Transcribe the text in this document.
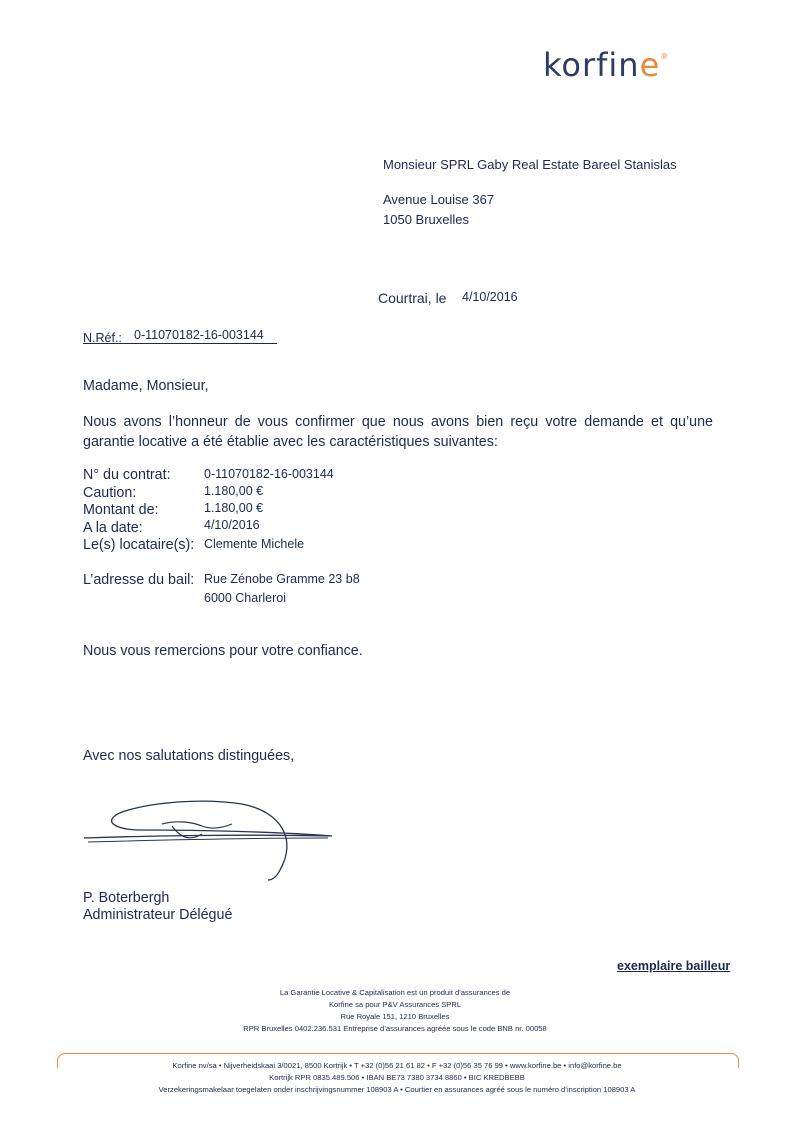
korfine®
Monsieur SPRL Gaby Real Estate Bareel Stanislas
Avenue Louise 367
1050 Bruxelles
Courtrai, le 4/10/2016
N.Réf.: 0-11070182-16-003144
Madame, Monsieur,
Nous avons l’honneur de vous confirmer que nous avons bien reçu votre demande et qu’une garantie locative a été établie avec les caractéristiques suivantes:
N° du contrat:	0-11070182-16-003144
Caution:	1.180,00 €
Montant de:	1.180,00 €
A la date:	4/10/2016
Le(s) locataire(s): Clemente Michele
L’adresse du bail: Rue Zénobe Gramme 23 b8
6000 Charleroi
Nous vous remercions pour votre confiance.
Avec nos salutations distinguées,
P. Boterbergh
Administrateur Délégué
exemplaire bailleur
La Garantie Locative & Capitalisation est un produit d'assurances de
Korfine sa pour P&V Assurances SPRL
Rue Royale 151, 1210 Bruxelles
RPR Bruxelles 0402.236.531 Entreprise d’assurances agréée sous le code BNB nr. 00058
Korfine nv/sa • Nijverheidskaai 3/0021, 8500 Kortrijk • T +32 (0)56 21 61 82 • F +32 (0)56 35 76 99 • www.korfine.be • info@korfine.be
Kortrijk RPR 0835.489.506 • IBAN BE73 7380 3734 8860 • BIC KREDBEBB
Verzekeringsmakelaar toegelaten onder inschrijvingsnummer 108903 A • Courtier en assurances agréé sous le numéro d’inscription 108903 A
